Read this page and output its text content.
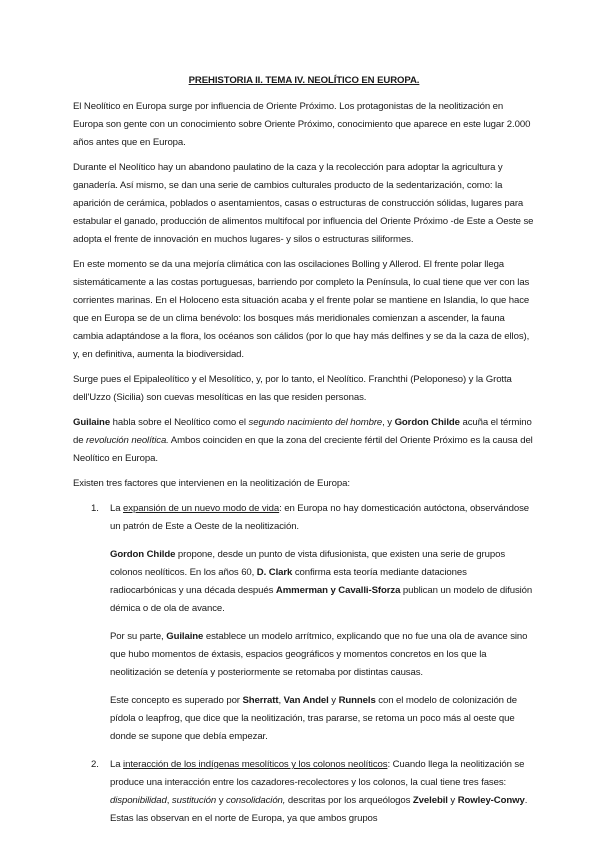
PREHISTORIA II. TEMA IV. NEOLÍTICO EN EUROPA.

El Neolítico en Europa surge por influencia de Oriente Próximo. Los protagonistas de la neolitización en Europa son gente con un conocimiento sobre Oriente Próximo, conocimiento que aparece en este lugar 2.000 años antes que en Europa.

Durante el Neolítico hay un abandono paulatino de la caza y la recolección para adoptar la agricultura y ganadería. Así mismo, se dan una serie de cambios culturales producto de la sedentarización, como: la aparición de cerámica, poblados o asentamientos, casas o estructuras de construcción sólidas, lugares para estabular el ganado, producción de alimentos multifocal por influencia del Oriente Próximo -de Este a Oeste se adopta el frente de innovación en muchos lugares- y silos o estructuras siliformes.

En este momento se da una mejoría climática con las oscilaciones Bolling y Allerod. El frente polar llega sistemáticamente a las costas portuguesas, barriendo por completo la Península, lo cual tiene que ver con las corrientes marinas. En el Holoceno esta situación acaba y el frente polar se mantiene en Islandia, lo que hace que en Europa se de un clima benévolo: los bosques más meridionales comienzan a ascender, la fauna cambia adaptándose a la flora, los océanos son cálidos (por lo que hay más delfines y se da la caza de ellos), y, en definitiva, aumenta la biodiversidad.

Surge pues el Epipaleolítico y el Mesolítico, y, por lo tanto, el Neolítico. Franchthi (Peloponeso) y la Grotta dell'Uzzo (Sicilia) son cuevas mesolíticas en las que residen personas.

Guilaine habla sobre el Neolítico como el segundo nacimiento del hombre, y Gordon Childe acuña el término de revolución neolítica. Ambos coinciden en que la zona del creciente fértil del Oriente Próximo es la causa del Neolítico en Europa.

Existen tres factores que intervienen en la neolitización de Europa:

1. La expansión de un nuevo modo de vida: en Europa no hay domesticación autóctona, observándose un patrón de Este a Oeste de la neolitización.

Gordon Childe propone, desde un punto de vista difusionista, que existen una serie de grupos colonos neolíticos. En los años 60, D. Clark confirma esta teoría mediante dataciones radiocarbónicas y una década después Ammerman y Cavalli-Sforza publican un modelo de difusión démica o de ola de avance.

Por su parte, Guilaine establece un modelo arrítmico, explicando que no fue una ola de avance sino que hubo momentos de éxtasis, espacios geográficos y momentos concretos en los que la neolitización se detenía y posteriormente se retomaba por distintas causas.

Este concepto es superado por Sherratt, Van Andel y Runnels con el modelo de colonización de pídola o leapfrog, que dice que la neolitización, tras pararse, se retoma un poco más al oeste que donde se supone que debía empezar.

2. La interacción de los indígenas mesolíticos y los colonos neolíticos: Cuando llega la neolitización se produce una interacción entre los cazadores-recolectores y los colonos, la cual tiene tres fases: disponibilidad, sustitución y consolidación, descritas por los arqueólogos Zvelebil y Rowley-Conwy. Estas las observan en el norte de Europa, ya que ambos grupos
